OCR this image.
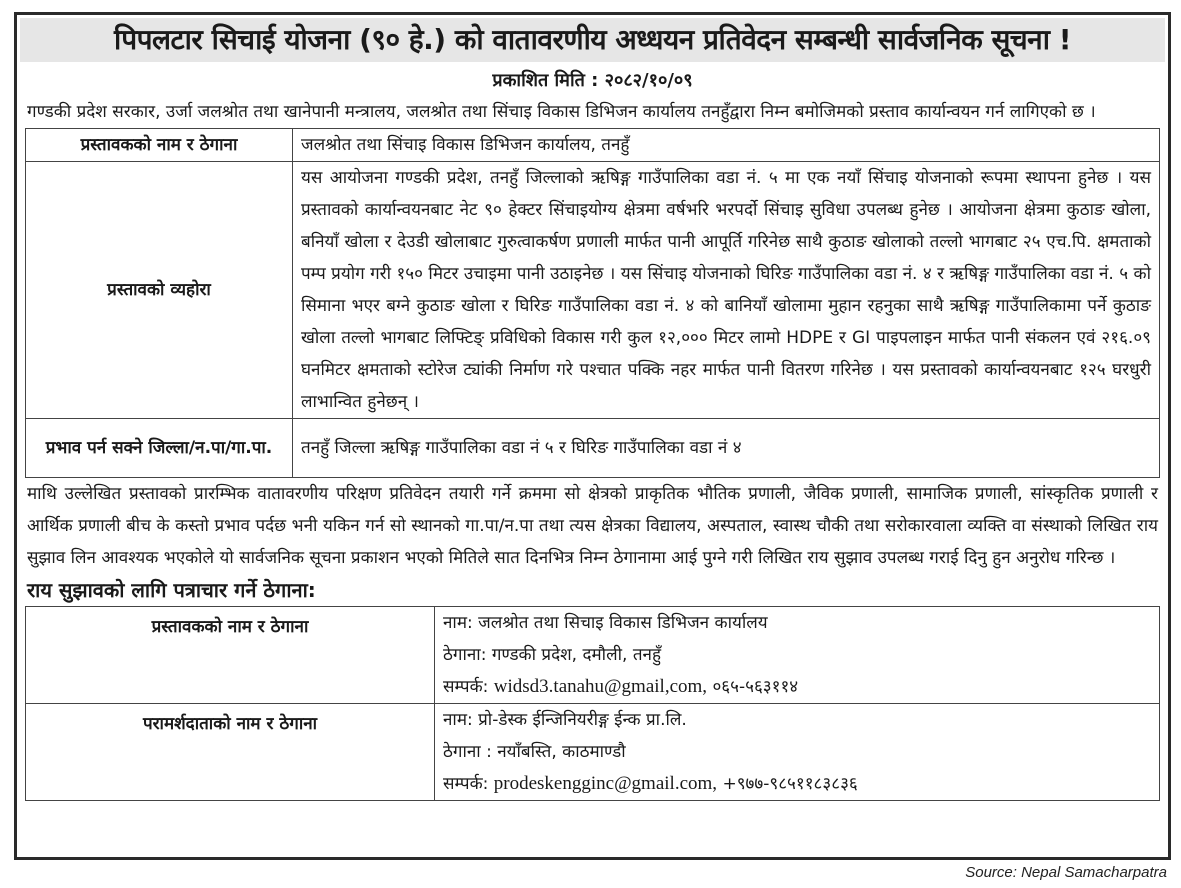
पिपलटार सिचाई योजना (९० हे.) को वातावरणीय अध्धयन प्रतिवेदन सम्बन्धी सार्वजनिक सूचना !
प्रकाशित मिति : २०८२/१०/०९

गण्डकी प्रदेश सरकार, उर्जा जलश्रोत तथा खानेपानी मन्त्रालय, जलश्रोत तथा सिंचाइ विकास डिभिजन कार्यालय तनहुँद्वारा निम्न बमोजिमको प्रस्ताव कार्यान्वयन गर्न लागिएको छ ।

प्रस्तावकको नाम र ठेगाना	जलश्रोत तथा सिंचाइ विकास डिभिजन कार्यालय, तनहुँ
प्रस्तावको व्यहोरा	यस आयोजना गण्डकी प्रदेश, तनहुँ जिल्लाको ऋषिङ्ग गाउँपालिका वडा नं. ५ मा एक नयाँ सिंचाइ योजनाको रूपमा स्थापना हुनेछ । यस प्रस्तावको कार्यान्वयनबाट नेट ९० हेक्टर सिंचाइयोग्य क्षेत्रमा वर्षभरि भरपर्दो सिंचाइ सुविधा उपलब्ध हुनेछ । आयोजना क्षेत्रमा कुठाङ खोला, बनियाँ खोला र देउडी खोलाबाट गुरुत्वाकर्षण प्रणाली मार्फत पानी आपूर्ति गरिनेछ साथै कुठाङ खोलाको तल्लो भागबाट २५ एच.पि. क्षमताको पम्प प्रयोग गरी १५० मिटर उचाइमा पानी उठाइनेछ । यस सिंचाइ योजनाको घिरिङ गाउँपालिका वडा नं. ४ र ऋषिङ्ग गाउँपालिका वडा नं. ५ को सिमाना भएर बग्ने कुठाङ खोला र घिरिङ गाउँपालिका वडा नं. ४ को बानियाँ खोलामा मुहान रहनुका साथै ऋषिङ्ग गाउँपालिकामा पर्ने कुठाङ खोला तल्लो भागबाट लिफ्टिङ् प्रविधिको विकास गरी कुल १२,००० मिटर लामो HDPE र GI पाइपलाइन मार्फत पानी संकलन एवं २१६.०९ घनमिटर क्षमताको स्टोरेज ट्यांकी निर्माण गरे पश्चात पक्कि नहर मार्फत पानी वितरण गरिनेछ । यस प्रस्तावको कार्यान्वयनबाट १२५ घरधुरी लाभान्वित हुनेछन् ।
प्रभाव पर्न सक्ने जिल्ला/न.पा/गा.पा.	तनहुँ जिल्ला ऋषिङ्ग गाउँपालिका वडा नं ५ र घिरिङ गाउँपालिका वडा नं ४

माथि उल्लेखित प्रस्तावको प्रारम्भिक वातावरणीय परिक्षण प्रतिवेदन तयारी गर्ने क्रममा सो क्षेत्रको प्राकृतिक भौतिक प्रणाली, जैविक प्रणाली, सामाजिक प्रणाली, सांस्कृतिक प्रणाली र आर्थिक प्रणाली बीच के कस्तो प्रभाव पर्दछ भनी यकिन गर्न सो स्थानको गा.पा/न.पा तथा त्यस क्षेत्रका विद्यालय, अस्पताल, स्वास्थ चौकी तथा सरोकारवाला व्यक्ति वा संस्थाको लिखित राय सुझाव लिन आवश्यक भएकोले यो सार्वजनिक सूचना प्रकाशन भएको मितिले सात दिनभित्र निम्न ठेगानामा आई पुग्ने गरी लिखित राय सुझाव उपलब्ध गराई दिनु हुन अनुरोध गरिन्छ ।

राय सुझावको लागि पत्राचार गर्ने ठेगाना:
प्रस्तावकको नाम र ठेगाना	नाम: जलश्रोत तथा सिचाइ विकास डिभिजन कार्यालय
ठेगाना: गण्डकी प्रदेश, दमौली, तनहुँ
सम्पर्क: widsd3.tanahu@gmail,com, ०६५-५६३११४

परामर्शदाताको नाम र ठेगाना	नाम: प्रो-डेस्क ईन्जिनियरीङ्ग ईन्क प्रा.लि.
ठेगाना : नयाँबस्ति, काठमाण्डौ
सम्पर्क: prodeskengginc@gmail.com, +९७७-९८५११८३८३६
Source: Nepal Samacharpatra
